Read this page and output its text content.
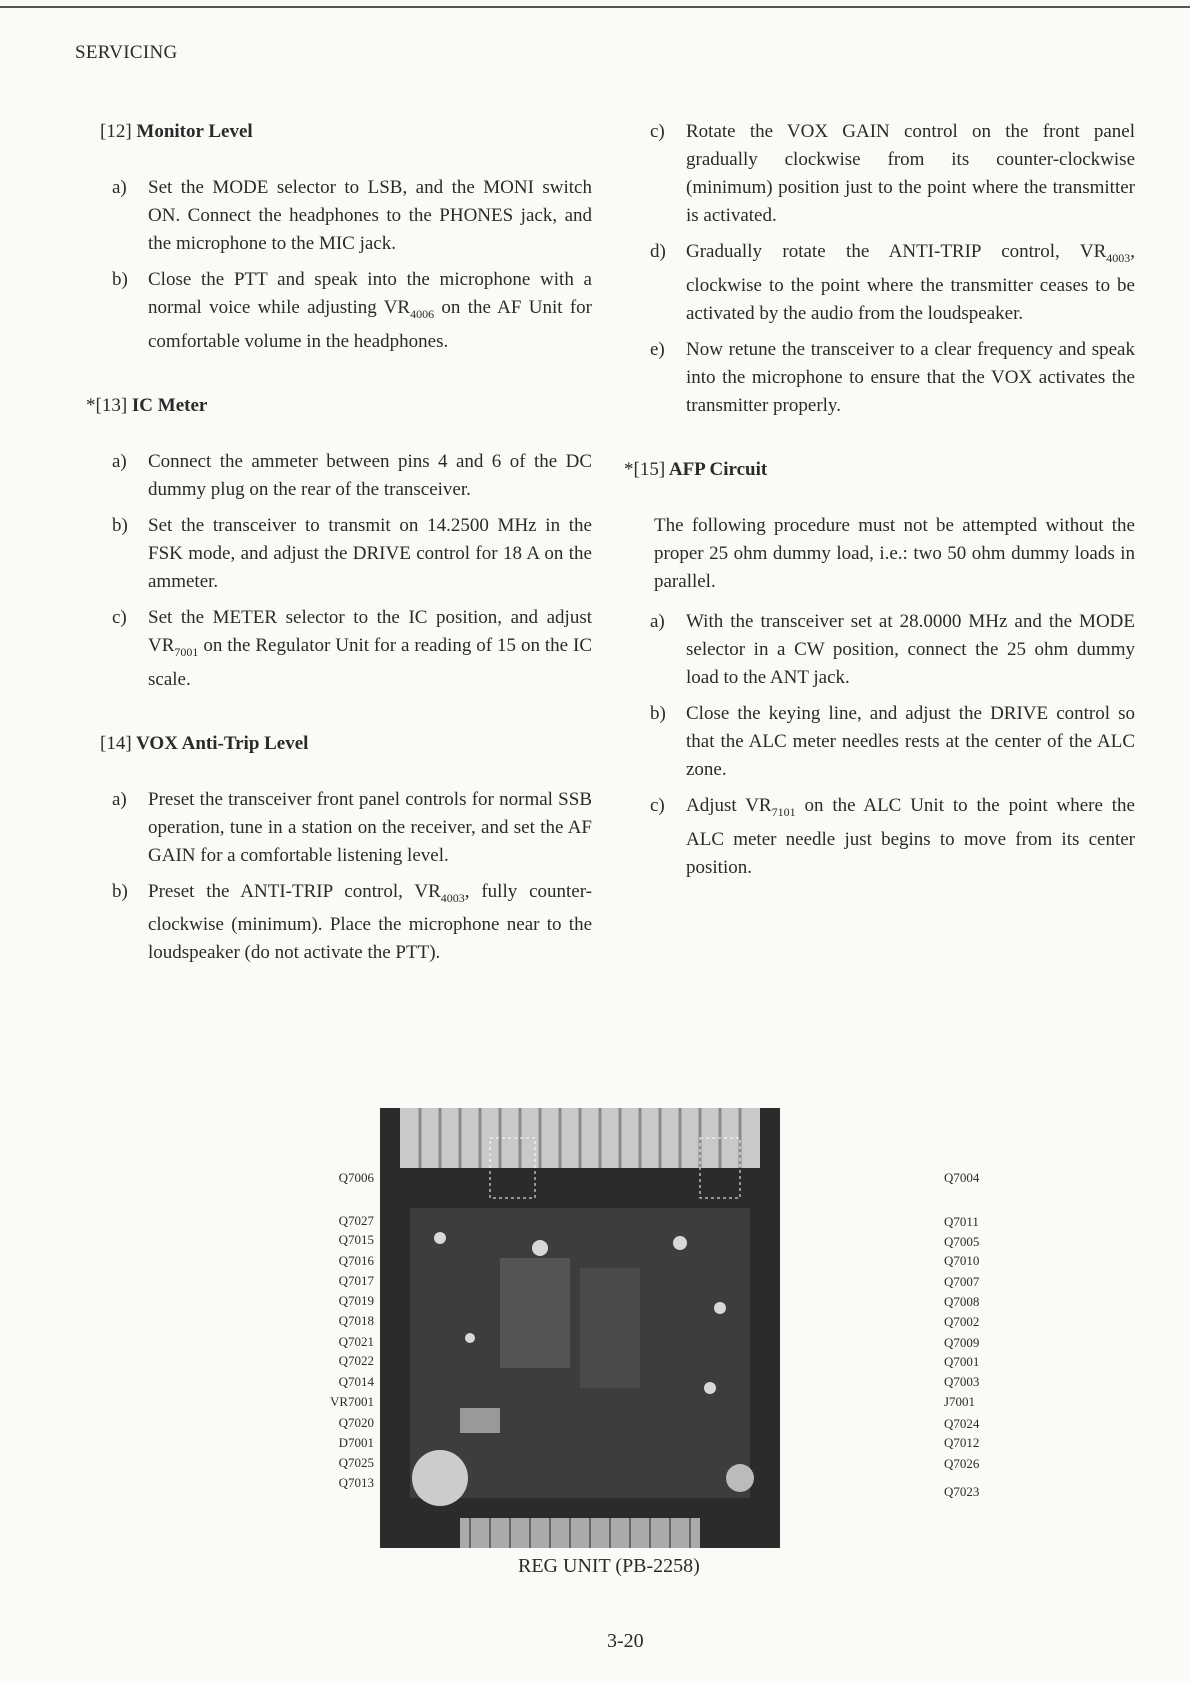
SERVICING
[12] Monitor Level
a)	Set the MODE selector to LSB, and the MONI switch ON. Connect the headphones to the PHONES jack, and the microphone to the MIC jack.
b)	Close the PTT and speak into the microphone with a normal voice while adjusting $VR_{4006}$ on the AF Unit for comfortable volume in the headphones.
*[13] IC Meter
a)	Connect the ammeter between pins 4 and 6 of the DC dummy plug on the rear of the transceiver.
b)	Set the transceiver to transmit on 14.2500 MHz in the FSK mode, and adjust the DRIVE control for 18 A on the ammeter.
c)	Set the METER selector to the IC position, and adjust $VR_{7001}$ on the Regulator Unit for a reading of 15 on the IC scale.
[14] VOX Anti-Trip Level
a)	Preset the transceiver front panel controls for normal SSB operation, tune in a station on the receiver, and set the AF GAIN for a comfortable listening level.
b)	Preset the ANTI-TRIP control, $VR_{4003}$, fully counter-clockwise (minimum). Place the microphone near to the loudspeaker (do not activate the PTT).
c)	Rotate the VOX GAIN control on the front panel gradually clockwise from its counter-clockwise (minimum) position just to the point where the transmitter is activated.
d)	Gradually rotate the ANTI-TRIP control, $VR_{4003}$, clockwise to the point where the transmitter ceases to be activated by the audio from the loudspeaker.
e)	Now retune the transceiver to a clear frequency and speak into the microphone to ensure that the VOX activates the transmitter properly.
*[15] AFP Circuit
The following procedure must not be attempted without the proper 25 ohm dummy load, i.e.: two 50 ohm dummy loads in parallel.
a)	With the transceiver set at 28.0000 MHz and the MODE selector in a CW position, connect the 25 ohm dummy load to the ANT jack.
b)	Close the keying line, and adjust the DRIVE control so that the ALC meter needles rests at the center of the ALC zone.
c)	Adjust $VR_{7101}$ on the ALC Unit to the point where the ALC meter needle just begins to move from its center position.
Q7006
Q7027
Q7015
Q7016
Q7017
Q7019
Q7018
Q7021
Q7022
Q7014
VR7001
Q7020
D7001
Q7025
Q7013
Q7004
Q7011
Q7005
Q7010
Q7007
Q7008
Q7002
Q7009
Q7001
Q7003
J7001
Q7024
Q7012
Q7026
Q7023
REG UNIT (PB-2258)
3-20
